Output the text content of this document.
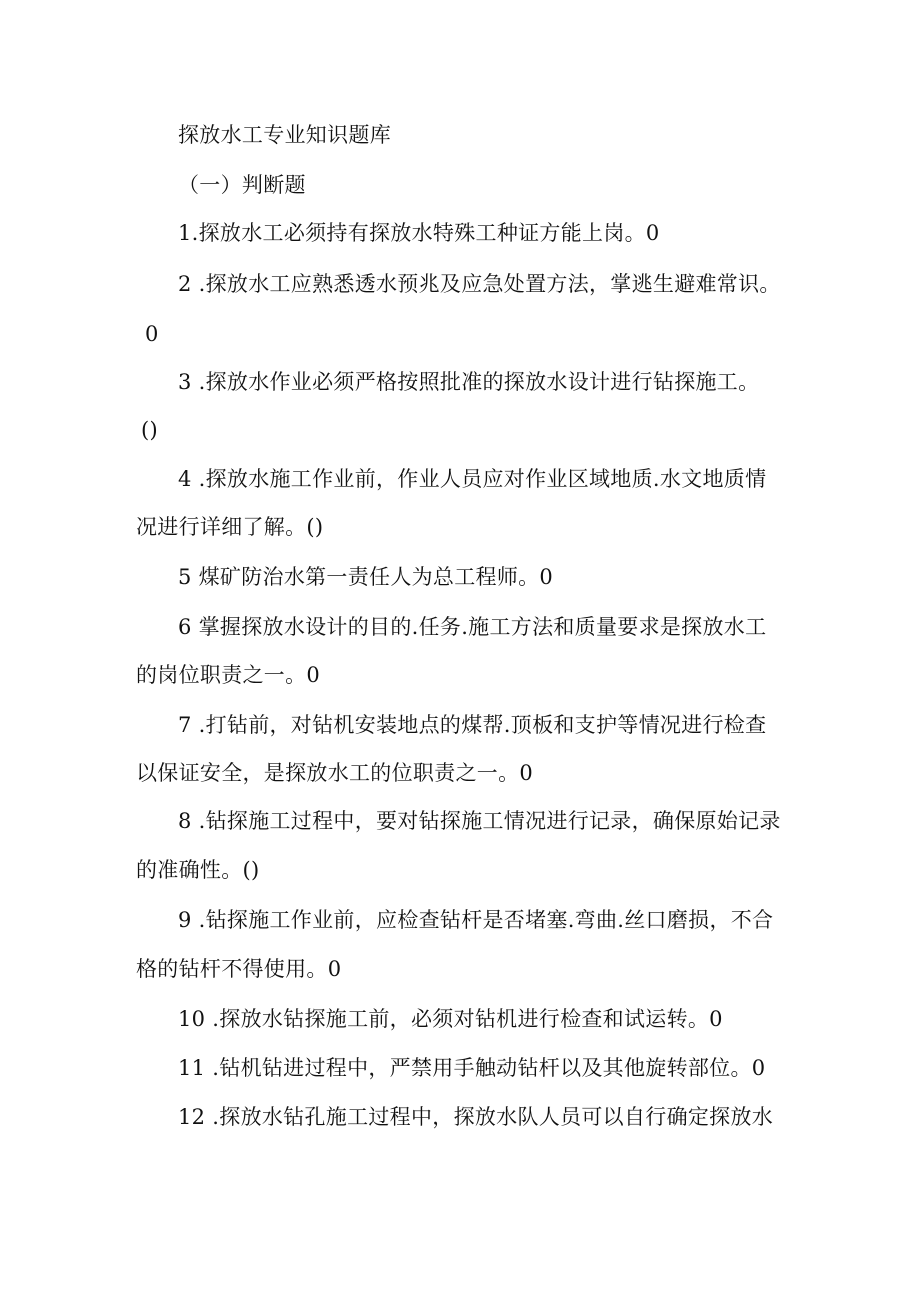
探放水工专业知识题库
（一）判断题
1.探放水工必须持有探放水特殊工种证方能上岗。0
2 .探放水工应熟悉透水预兆及应急处置方法，掌逃生避难常识。
0
3 .探放水作业必须严格按照批准的探放水设计进行钻探施工。
()
4 .探放水施工作业前，作业人员应对作业区域地质.水文地质情
况进行详细了解。()
5 煤矿防治水第一责任人为总工程师。0
6 掌握探放水设计的目的.任务.施工方法和质量要求是探放水工
的岗位职责之一。0
7 .打钻前，对钻机安装地点的煤帮.顶板和支护等情况进行检查
以保证安全，是探放水工的位职责之一。0
8 .钻探施工过程中，要对钻探施工情况进行记录，确保原始记录
的准确性。()
9 .钻探施工作业前，应检查钻杆是否堵塞.弯曲.丝口磨损，不合
格的钻杆不得使用。0
10 .探放水钻探施工前，必须对钻机进行检查和试运转。0
11 .钻机钻进过程中，严禁用手触动钻杆以及其他旋转部位。0
12 .探放水钻孔施工过程中，探放水队人员可以自行确定探放水
